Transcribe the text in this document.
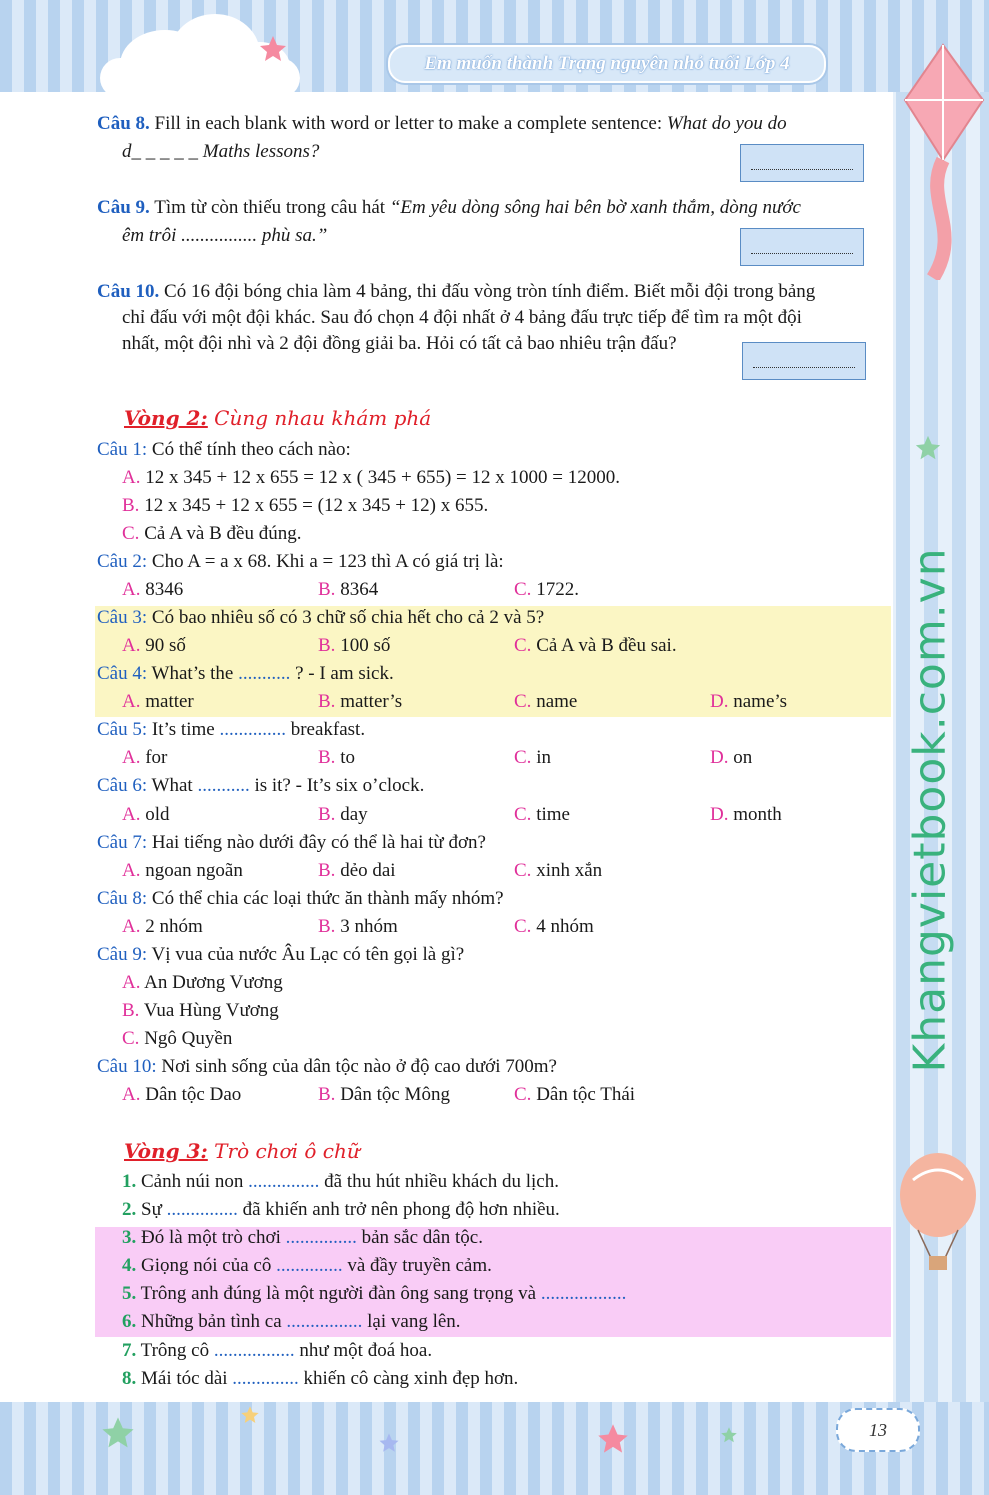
Em muốn thành Trạng nguyên nhỏ tuổi Lớp 4
Khangvietbook.com.vn
13
Câu 8. Fill in each blank with word or letter to make a complete sentence: What do you do
d_ _ _ _ _ Maths lessons?
Câu 9. Tìm từ còn thiếu trong câu hát “Em yêu dòng sông hai bên bờ xanh thắm, dòng nước
êm trôi ................ phù sa.”
Câu 10. Có 16 đội bóng chia làm 4 bảng, thi đấu vòng tròn tính điểm. Biết mỗi đội trong bảng
chỉ đấu với một đội khác. Sau đó chọn 4 đội nhất ở 4 bảng đấu trực tiếp để tìm ra một đội
nhất, một đội nhì và 2 đội đồng giải ba. Hỏi có tất cả bao nhiêu trận đấu?
Vòng 2: Cùng nhau khám phá
Câu 1: Có thể tính theo cách nào:
A. 12 x 345 + 12 x 655 = 12 x ( 345 + 655) = 12 x 1000 = 12000.
B. 12 x 345 + 12 x 655 = (12 x 345 + 12) x 655.
C. Cả A và B đều đúng.
Câu 2: Cho A = a x 68. Khi a = 123 thì A có giá trị là:
A. 8346	B. 8364	C. 1722.
Câu 3: Có bao nhiêu số có 3 chữ số chia hết cho cả 2 và 5?
A. 90 số	B. 100 số	C. Cả A và B đều sai.
Câu 4: What’s the ........... ? - I am sick.
A. matter	B. matter’s	C. name	D. name’s
Câu 5: It’s time .............. breakfast.
A. for	B. to	C. in	D. on
Câu 6: What ........... is it? - It’s six o’clock.
A. old	B. day	C. time	D. month
Câu 7: Hai tiếng nào dưới đây có thể là hai từ đơn?
A. ngoan ngoãn	B. dẻo dai	C. xinh xắn
Câu 8: Có thể chia các loại thức ăn thành mấy nhóm?
A. 2 nhóm	B. 3 nhóm	C. 4 nhóm
Câu 9: Vị vua của nước Âu Lạc có tên gọi là gì?
A. An Dương Vương
B. Vua Hùng Vương
C. Ngô Quyền
Câu 10: Nơi sinh sống của dân tộc nào ở độ cao dưới 700m?
A. Dân tộc Dao	B. Dân tộc Mông	C. Dân tộc Thái
Vòng 3: Trò chơi ô chữ
1. Cảnh núi non ............... đã thu hút nhiều khách du lịch.
2. Sự ............... đã khiến anh trở nên phong độ hơn nhiều.
3. Đó là một trò chơi ............... bản sắc dân tộc.
4. Giọng nói của cô .............. và đầy truyền cảm.
5. Trông anh đúng là một người đàn ông sang trọng và ..................
6. Những bản tình ca ................ lại vang lên.
7. Trông cô ................. như một đoá hoa.
8. Mái tóc dài .............. khiến cô càng xinh đẹp hơn.
